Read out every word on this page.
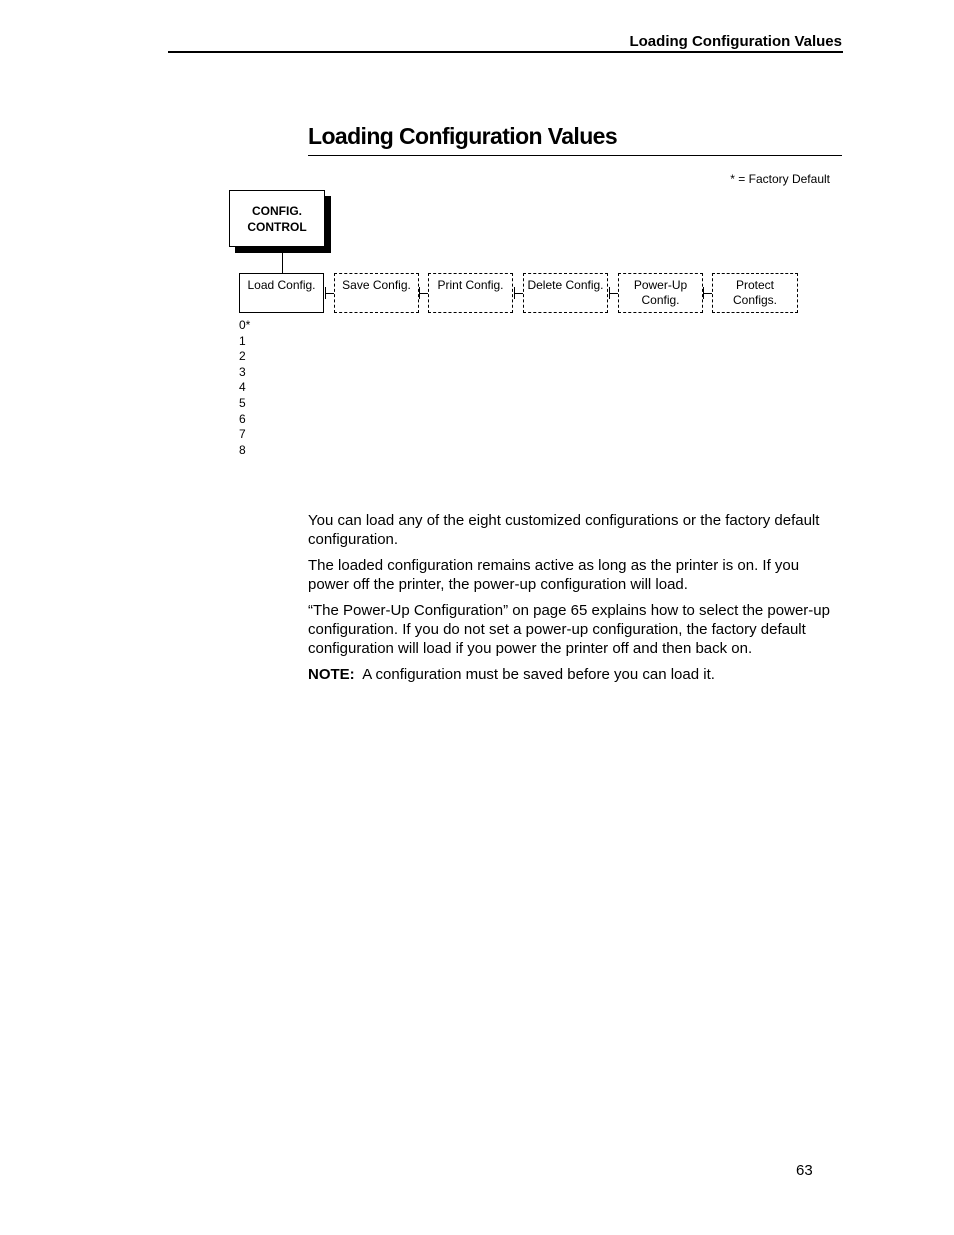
Loading Configuration Values
Loading Configuration Values
* = Factory Default
CONFIG.
CONTROL
Load Config.	Save Config.	Print Config.	Delete Config.	Power-Up
Config.
Protect
Configs.
0*
1
2
3
4
5
6
7
8

You can load any of the eight customized configurations or the factory default configuration.

The loaded configuration remains active as long as the printer is on. If you power off the printer, the power-up configuration will load.

“The Power-Up Configuration” on page 65 explains how to select the power-up configuration. If you do not set a power-up configuration, the factory default configuration will load if you power the printer off and then back on.

NOTE: A configuration must be saved before you can load it.

63
